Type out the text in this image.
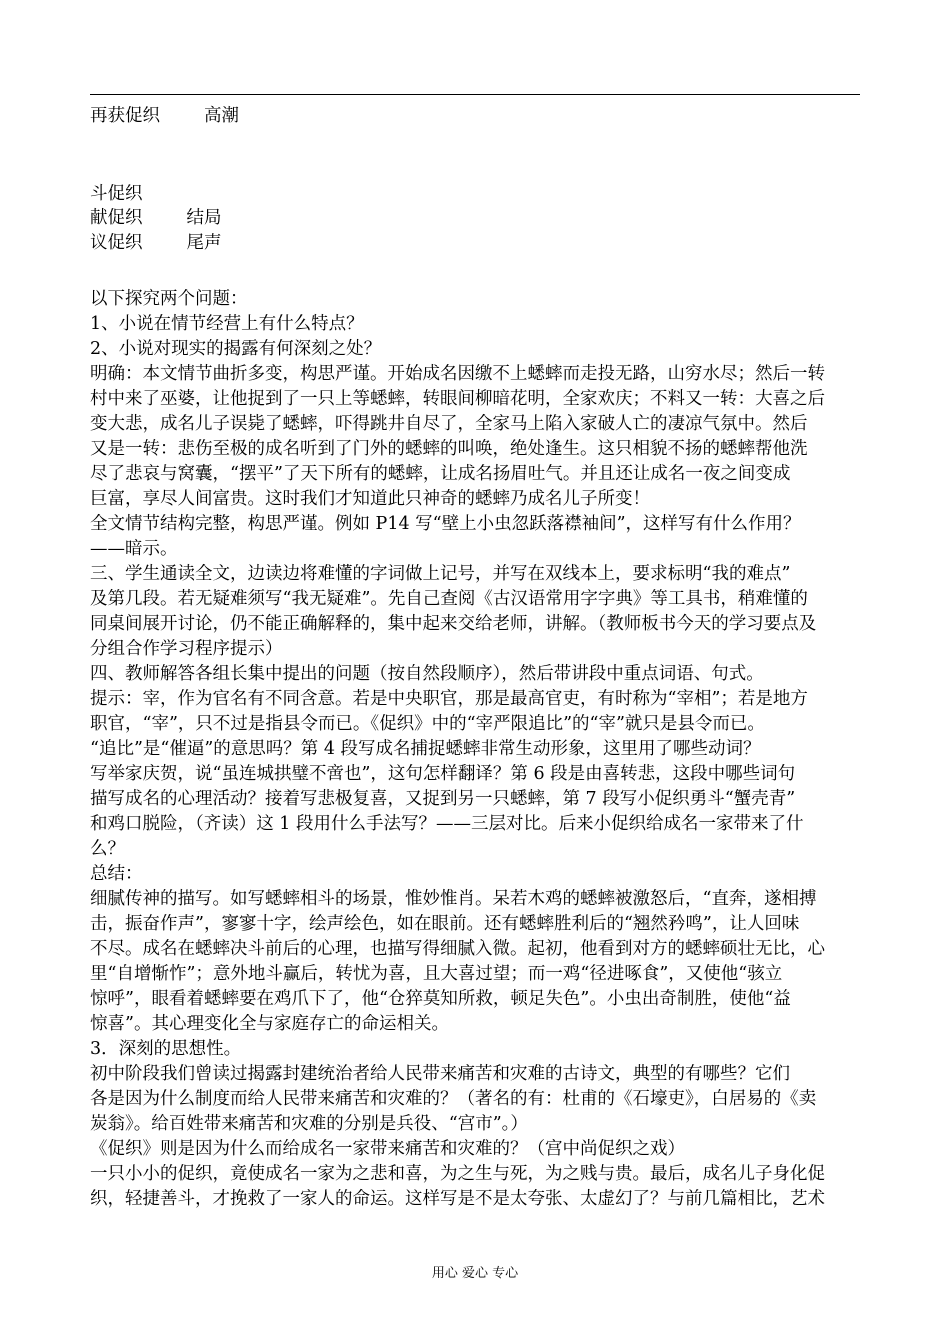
再获促织	高潮
斗促织
献促织	结局
议促织	尾声
以下探究两个问题：
1、小说在情节经营上有什么特点？
2、小说对现实的揭露有何深刻之处？
明确：本文情节曲折多变，构思严谨。开始成名因缴不上蟋蟀而走投无路，山穷水尽；然后一转
村中来了巫婆，让他捉到了一只上等蟋蟀，转眼间柳暗花明，全家欢庆；不料又一转：大喜之后
变大悲，成名儿子误毙了蟋蟀，吓得跳井自尽了，全家马上陷入家破人亡的凄凉气氛中。然后
又是一转：悲伤至极的成名听到了门外的蟋蟀的叫唤，绝处逢生。这只相貌不扬的蟋蟀帮他洗
尽了悲哀与窝囊，“摆平”了天下所有的蟋蟀，让成名扬眉吐气。并且还让成名一夜之间变成
巨富，享尽人间富贵。这时我们才知道此只神奇的蟋蟀乃成名儿子所变！
全文情节结构完整，构思严谨。例如 P14 写“壁上小虫忽跃落襟袖间”，这样写有什么作用？
——暗示。
三、学生通读全文，边读边将难懂的字词做上记号，并写在双线本上，要求标明“我的难点”
及第几段。若无疑难须写“我无疑难”。先自己查阅《古汉语常用字字典》等工具书，稍难懂的
同桌间展开讨论，仍不能正确解释的，集中起来交给老师，讲解。（教师板书今天的学习要点及
分组合作学习程序提示）
四、教师解答各组长集中提出的问题（按自然段顺序），然后带讲段中重点词语、句式。
提示：宰，作为官名有不同含意。若是中央职官，那是最高官吏，有时称为“宰相”；若是地方
职官，“宰”，只不过是指县令而已。《促织》中的“宰严限追比”的“宰”就只是县令而已。
“追比”是“催逼”的意思吗？第 4 段写成名捕捉蟋蟀非常生动形象，这里用了哪些动词？
写举家庆贺，说“虽连城拱璧不啻也”，这句怎样翻译？第 6 段是由喜转悲，这段中哪些词句
描写成名的心理活动？接着写悲极复喜，又捉到另一只蟋蟀，第 7 段写小促织勇斗“蟹壳青”
和鸡口脱险，（齐读）这 1 段用什么手法写？——三层对比。后来小促织给成名一家带来了什
么？
总结：
细腻传神的描写。如写蟋蟀相斗的场景，惟妙惟肖。呆若木鸡的蟋蟀被激怒后，“直奔，遂相搏
击，振奋作声”，寥寥十字，绘声绘色，如在眼前。还有蟋蟀胜利后的“翘然矜鸣”，让人回味
不尽。成名在蟋蟀决斗前后的心理，也描写得细腻入微。起初，他看到对方的蟋蟀硕壮无比，心
里“自增惭怍”；意外地斗赢后，转忧为喜，且大喜过望；而一鸡“径进啄食”，又使他“骇立
惊呼”，眼看着蟋蟀要在鸡爪下了，他“仓猝莫知所救，顿足失色”。小虫出奇制胜，使他“益
惊喜”。其心理变化全与家庭存亡的命运相关。
3．深刻的思想性。
初中阶段我们曾读过揭露封建统治者给人民带来痛苦和灾难的古诗文，典型的有哪些？它们
各是因为什么制度而给人民带来痛苦和灾难的？（著名的有：杜甫的《石壕吏》，白居易的《卖
炭翁》。给百姓带来痛苦和灾难的分别是兵役、“宫市”。）
《促织》则是因为什么而给成名一家带来痛苦和灾难的？（宫中尚促织之戏）
一只小小的促织，竟使成名一家为之悲和喜，为之生与死，为之贱与贵。最后，成名儿子身化促
织，轻捷善斗，才挽救了一家人的命运。这样写是不是太夸张、太虚幻了？与前几篇相比，艺术
用心 爱心 专心
